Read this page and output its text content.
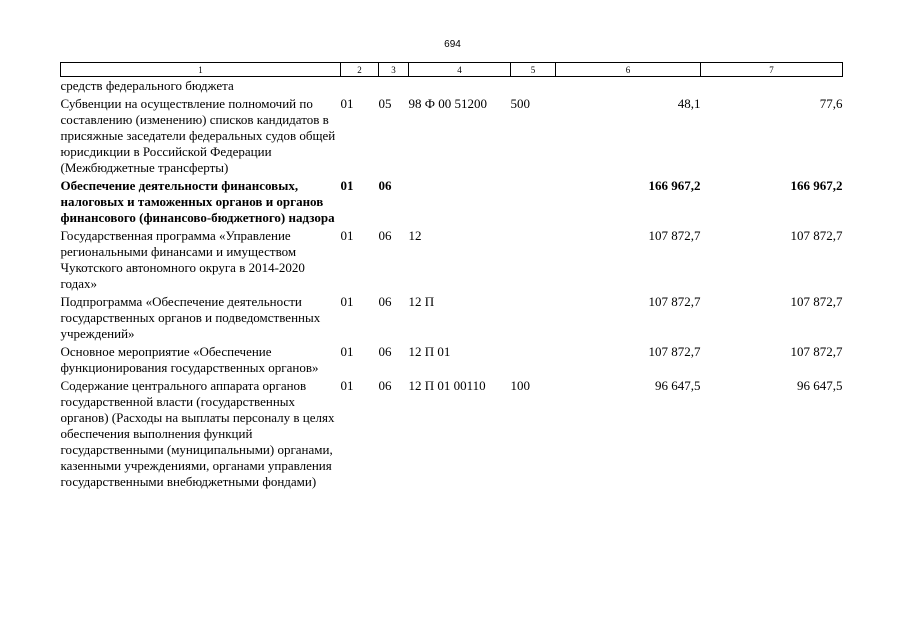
694
1	2	3	4	5	6	7
средств федерального бюджета						
Субвенции на осуществление полномочий по составлению (изменению) списков кандидатов в присяжные заседатели федеральных судов общей юрисдикции в Российской Федерации (Межбюджетные трансферты)	01	05	98 Ф 00 51200	500	48,1	77,6
Обеспечение деятельности финансовых, налоговых и таможенных органов и органов финансового (финансово-бюджетного) надзора	01	06			166 967,2	166 967,2
Государственная программа «Управление региональными финансами и имуществом Чукотского автономного округа в 2014-2020 годах»	01	06	12		107 872,7	107 872,7
Подпрограмма «Обеспечение деятельности государственных органов и подведомственных учреждений»	01	06	12 П		107 872,7	107 872,7
Основное мероприятие «Обеспечение функционирования государственных органов»	01	06	12 П 01		107 872,7	107 872,7
Содержание центрального аппарата органов государственной власти (государственных органов) (Расходы на выплаты персоналу в целях обеспечения выполнения функций государственными (муниципальными) органами, казенными учреждениями, органами управления государственными внебюджетными фондами)	01	06	12 П 01 00110	100	96 647,5	96 647,5
